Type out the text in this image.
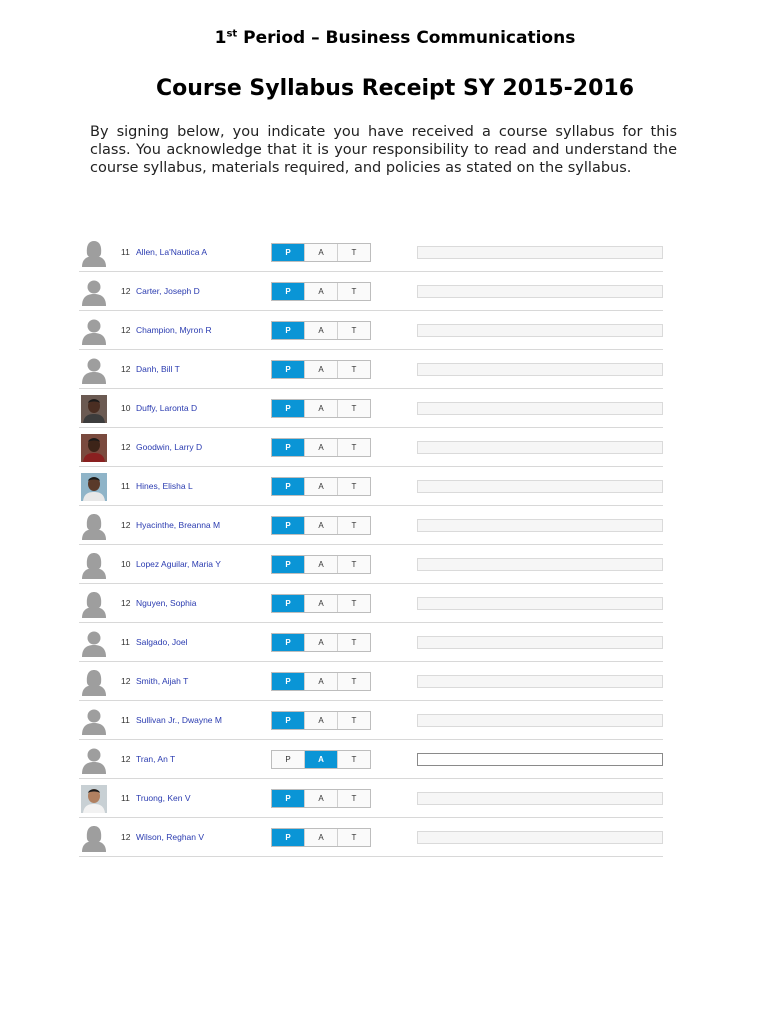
1st Period – Business Communications
Course Syllabus Receipt SY 2015-2016

By signing below, you indicate you have received a course syllabus for this class. You acknowledge that it is your responsibility to read and understand the course syllabus, materials required, and policies as stated on the syllabus.

11 Allen, La'Nautica A	P	A	T
12 Carter, Joseph D	P	A	T
12 Champion, Myron R	P	A	T
12 Danh, Bill T	P	A	T
10 Duffy, Laronta D	P	A	T
12 Goodwin, Larry D	P	A	T
11 Hines, Elisha L	P	A	T
12 Hyacinthe, Breanna M	P	A	T
10 Lopez Aguilar, Maria Y	P	A	T
12 Nguyen, Sophia	P	A	T
11 Salgado, Joel	P	A	T
12 Smith, Aijah T	P	A	T
11 Sullivan Jr., Dwayne M	P	A	T
12 Tran, An T	P	A	T
11 Truong, Ken V	P	A	T
12 Wilson, Reghan V	P	A	T
